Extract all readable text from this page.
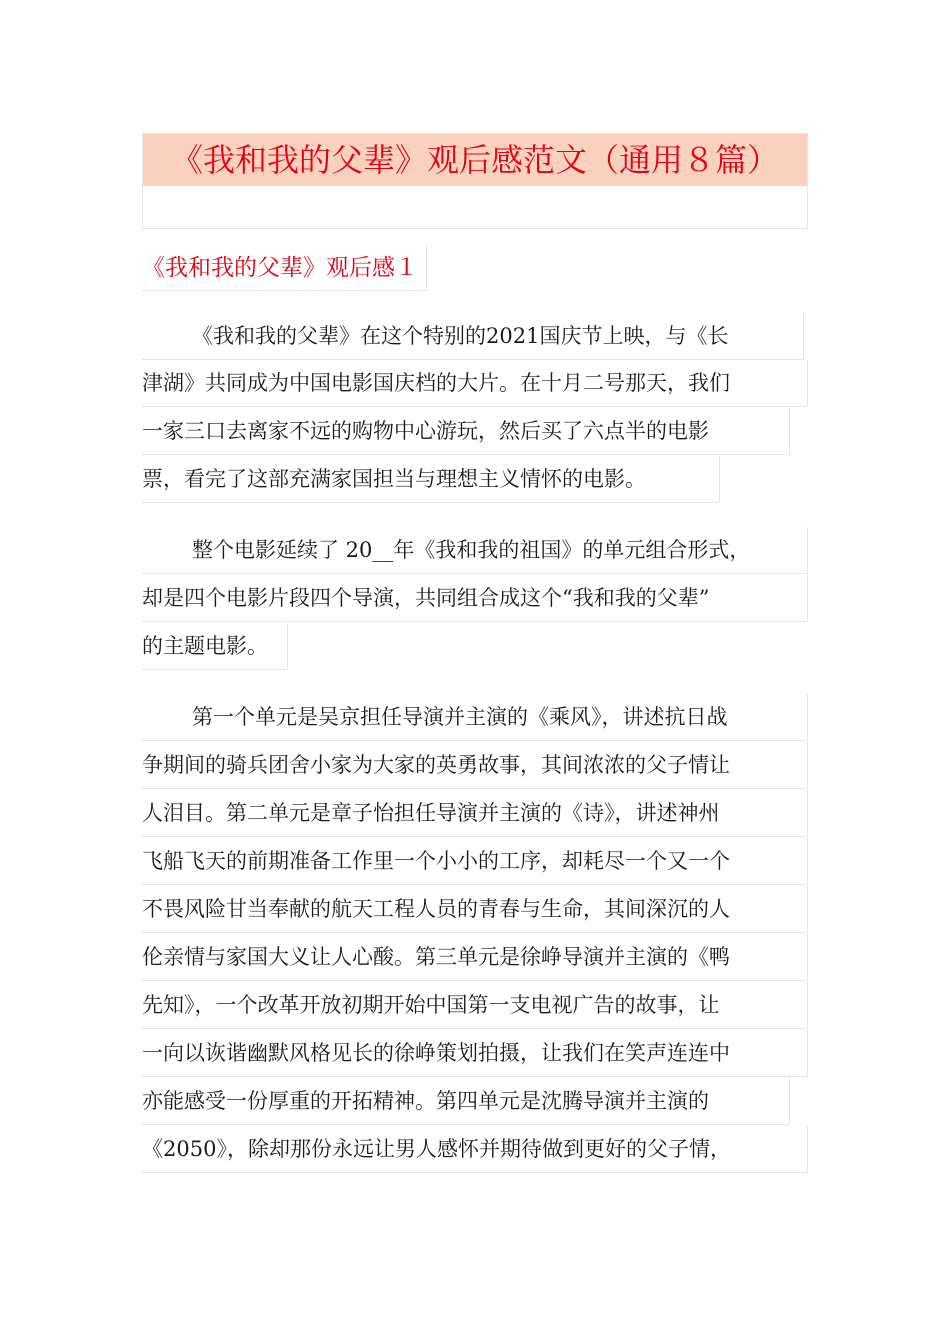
《我和我的父辈》观后感范文（通用８篇）
《我和我的父辈》观后感１
《我和我的父辈》在这个特别的2021国庆节上映，与《长
津湖》共同成为中国电影国庆档的大片。在十月二号那天，我们
一家三口去离家不远的购物中心游玩，然后买了六点半的电影
票，看完了这部充满家国担当与理想主义情怀的电影。
整个电影延续了 20__年《我和我的祖国》的单元组合形式，
却是四个电影片段四个导演，共同组合成这个“我和我的父辈”
的主题电影。
第一个单元是吴京担任导演并主演的《乘风》，讲述抗日战
争期间的骑兵团舍小家为大家的英勇故事，其间浓浓的父子情让
人泪目。第二单元是章子怡担任导演并主演的《诗》，讲述神州
飞船飞天的前期准备工作里一个小小的工序，却耗尽一个又一个
不畏风险甘当奉献的航天工程人员的青春与生命，其间深沉的人
伦亲情与家国大义让人心酸。第三单元是徐峥导演并主演的《鸭
先知》，一个改革开放初期开始中国第一支电视广告的故事，让
一向以诙谐幽默风格见长的徐峥策划拍摄，让我们在笑声连连中
亦能感受一份厚重的开拓精神。第四单元是沈腾导演并主演的
《2050》，除却那份永远让男人感怀并期待做到更好的父子情，
